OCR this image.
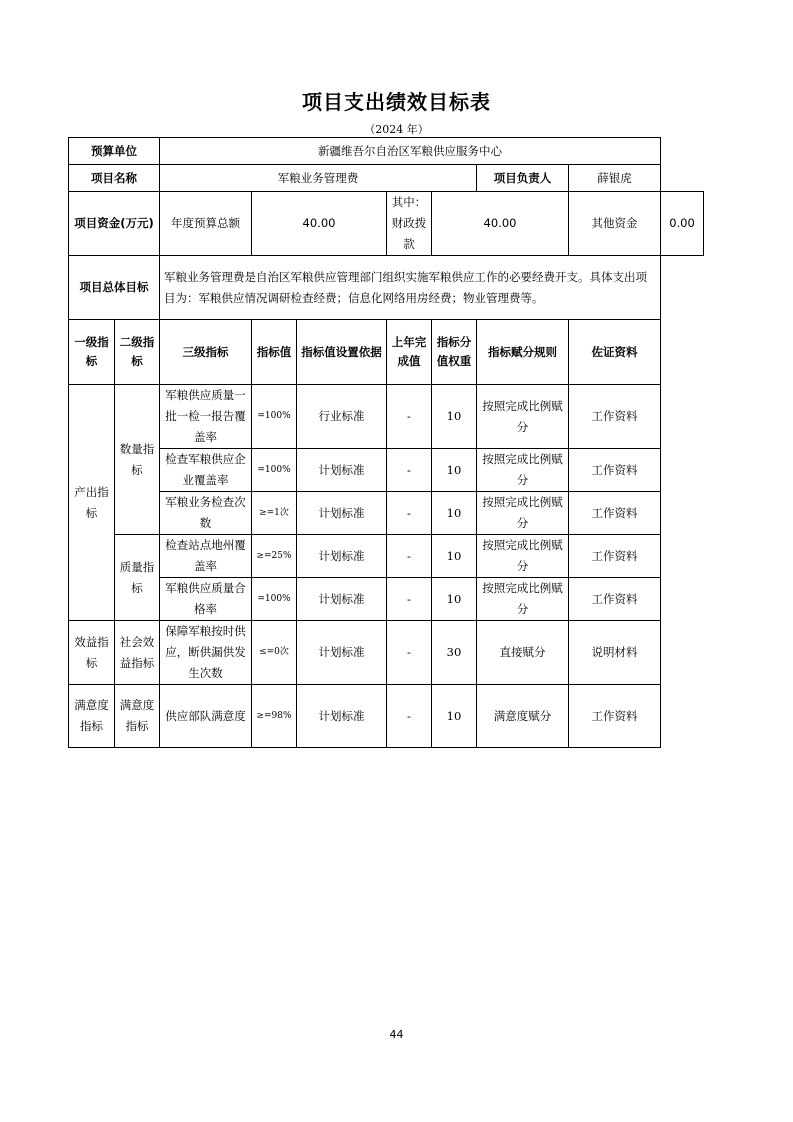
项目支出绩效目标表
（2024 年）
预算单位		新疆维吾尔自治区军粮供应服务中心							
项目名称		军粮业务管理费					项目负责人	薛银虎	
项目资金(万元)		年度预算总额	40.00		其中：财政拨款	40.00		其他资金	0.00
项目总体目标		军粮业务管理费是自治区军粮供应管理部门组织实施军粮供应工作的必要经费开支。具体支出项目为：军粮供应情况调研检查经费；信息化网络用房经费；物业管理费等。							
一级指标	二级指标	三级指标	指标值	指标值设置依据	上年完成值	指标分值权重	指标赋分规则	佐证资料	
产出指标	数量指标	军粮供应质量一批一检一报告覆盖率	=100%	行业标准	-	10	按照完成比例赋分	工作资料	
		检查军粮供应企业覆盖率	=100%	计划标准	-	10	按照完成比例赋分	工作资料	
		军粮业务检查次数	≥=1次	计划标准	-	10	按照完成比例赋分	工作资料	
	质量指标	检查站点地州覆盖率	≥=25%	计划标准	-	10	按照完成比例赋分	工作资料	
		军粮供应质量合格率	=100%	计划标准	-	10	按照完成比例赋分	工作资料	
效益指标	社会效益指标	保障军粮按时供应，断供漏供发生次数	≤=0次	计划标准	-	30	直接赋分	说明材料	
满意度指标	满意度指标	供应部队满意度	≥=98%	计划标准	-	10	满意度赋分	工作资料	
44
